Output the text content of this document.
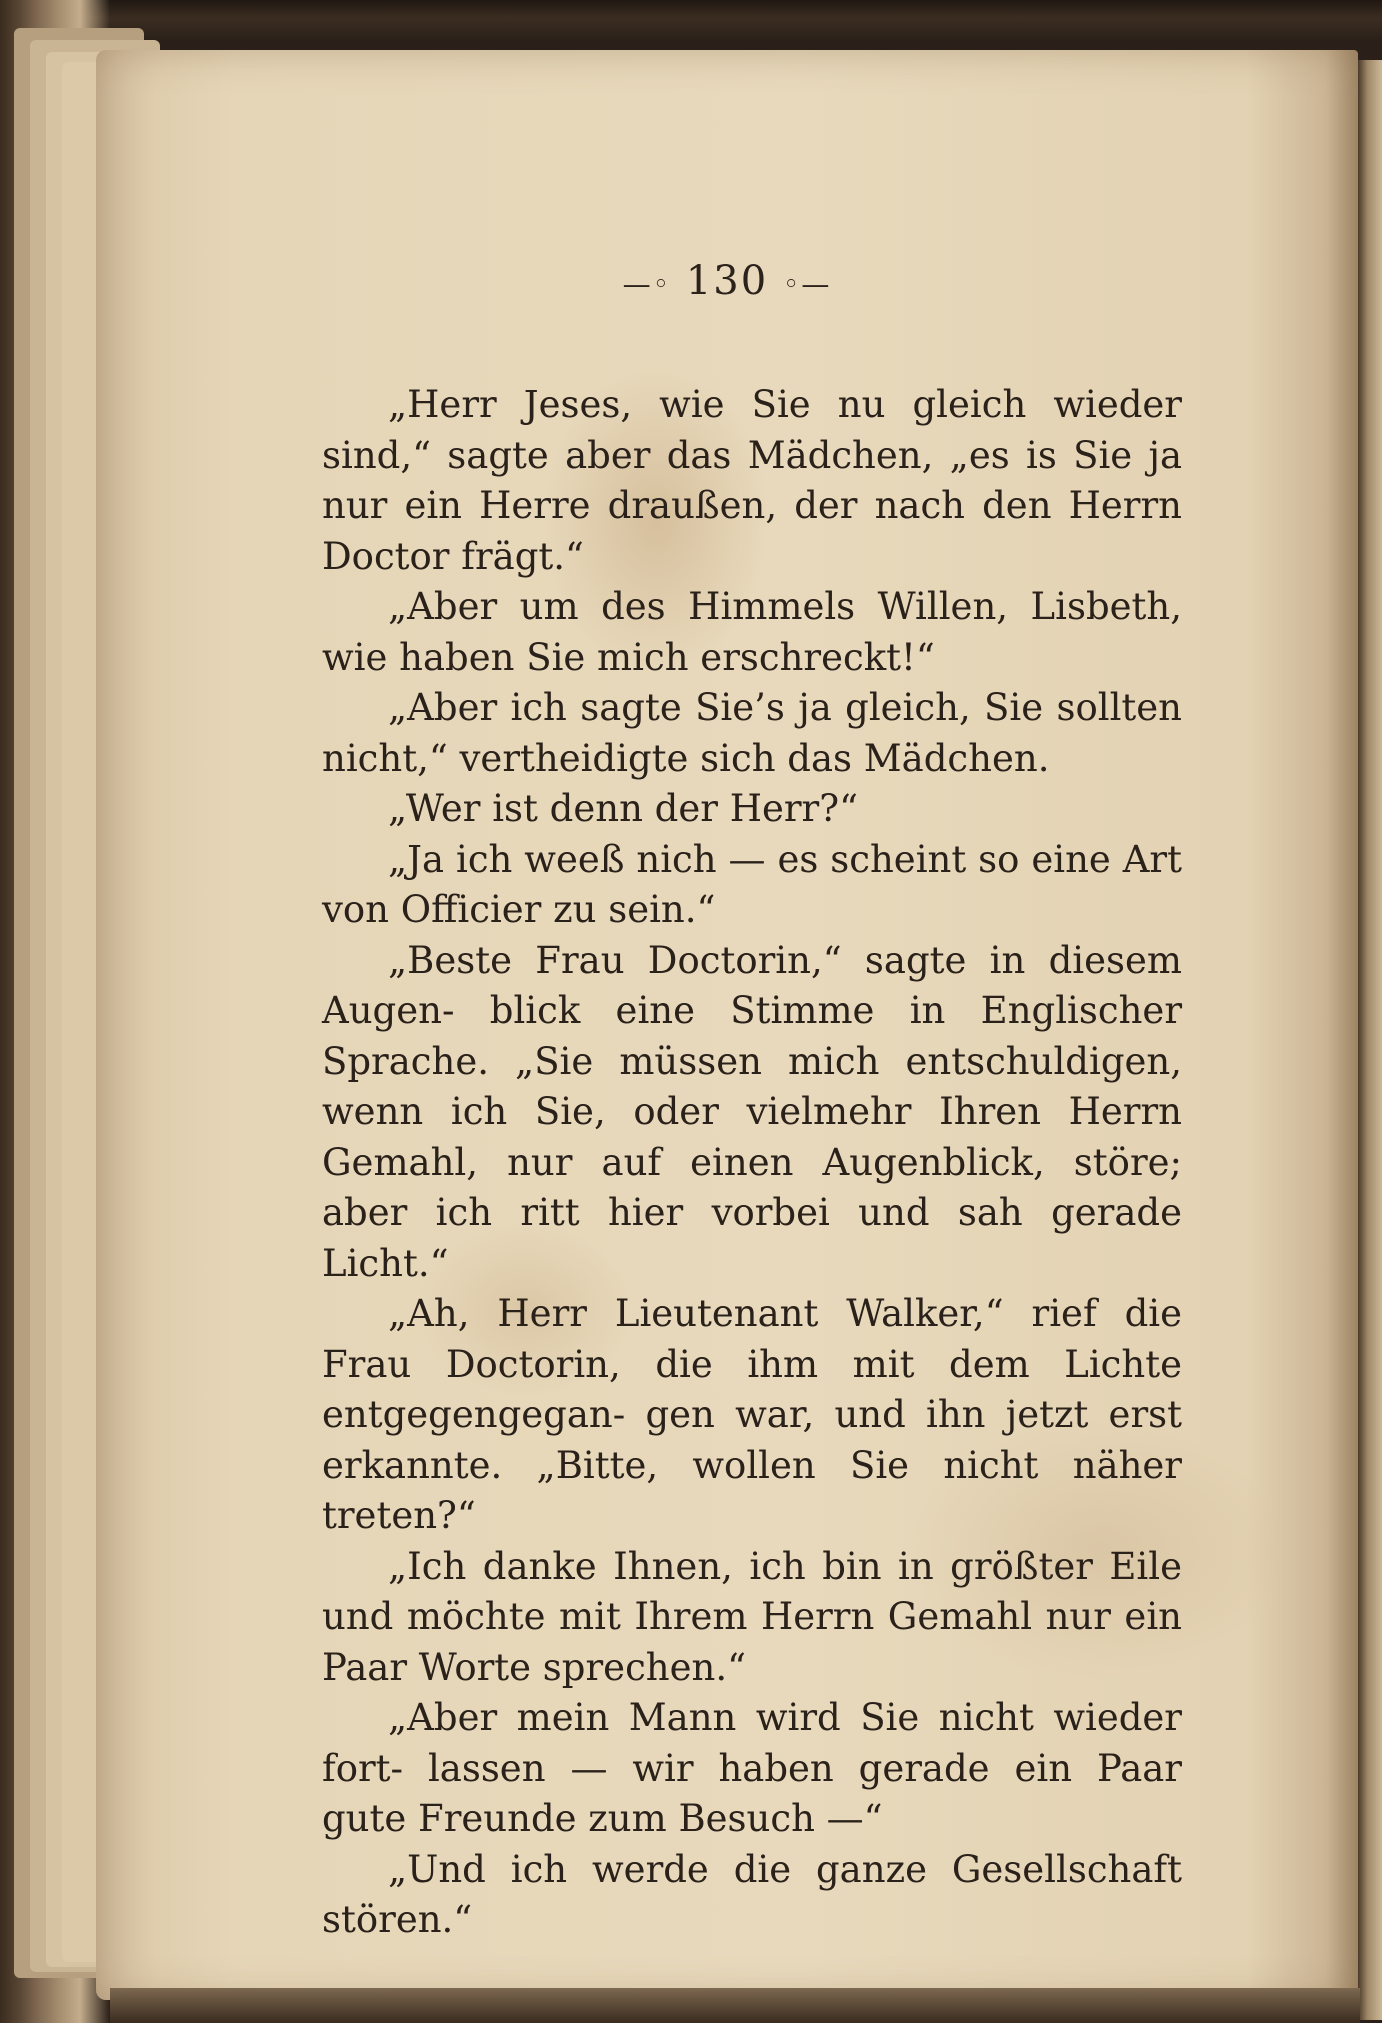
—◦ 130 ◦—

„Herr Jeses, wie Sie nu gleich wieder sind,“ sagte aber das Mädchen, „es is Sie ja nur ein Herre draußen, der nach den Herrn Doctor frägt.“

„Aber um des Himmels Willen, Lisbeth, wie haben Sie mich erschreckt!“

„Aber ich sagte Sie’s ja gleich, Sie sollten nicht,“ vertheidigte sich das Mädchen.

„Wer ist denn der Herr?“

„Ja ich weeß nich — es scheint so eine Art von Officier zu sein.“

„Beste Frau Doctorin,“ sagte in diesem Augen- blick eine Stimme in Englischer Sprache. „Sie müssen mich entschuldigen, wenn ich Sie, oder vielmehr Ihren Herrn Gemahl, nur auf einen Augenblick, störe; aber ich ritt hier vorbei und sah gerade Licht.“

„Ah, Herr Lieutenant Walker,“ rief die Frau Doctorin, die ihm mit dem Lichte entgegengegan- gen war, und ihn jetzt erst erkannte. „Bitte, wollen Sie nicht näher treten?“

„Ich danke Ihnen, ich bin in größter Eile und möchte mit Ihrem Herrn Gemahl nur ein Paar Worte sprechen.“

„Aber mein Mann wird Sie nicht wieder fort- lassen — wir haben gerade ein Paar gute Freunde zum Besuch —“

„Und ich werde die ganze Gesellschaft stören.“
